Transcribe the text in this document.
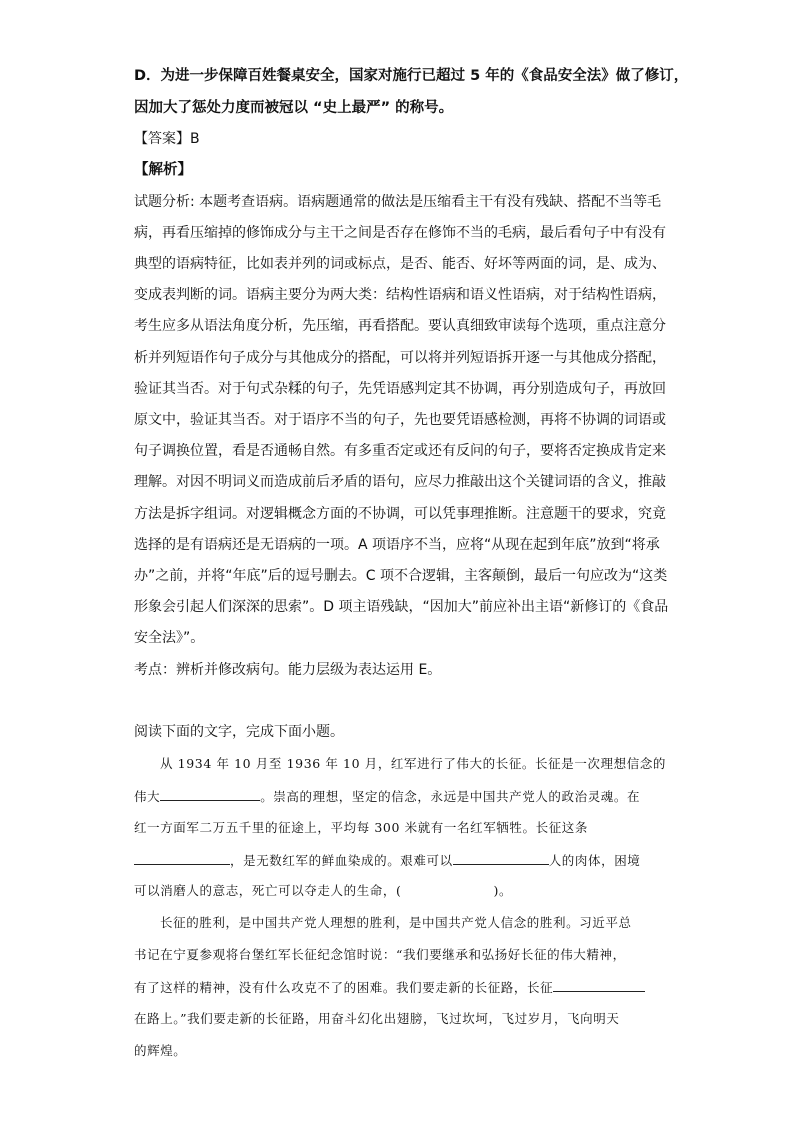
D．为进一步保障百姓餐桌安全，国家对施行已超过 5 年的《食品安全法》做了修订，
因加大了惩处力度而被冠以 “史上最严” 的称号。
【答案】B
【解析】
试题分析: 本题考查语病。语病题通常的做法是压缩看主干有没有残缺、搭配不当等毛
病，再看压缩掉的修饰成分与主干之间是否存在修饰不当的毛病，最后看句子中有没有
典型的语病特征，比如表并列的词或标点，是否、能否、好坏等两面的词，是、成为、
变成表判断的词。语病主要分为两大类：结构性语病和语义性语病，对于结构性语病，
考生应多从语法角度分析，先压缩，再看搭配。要认真细致审读每个选项，重点注意分
析并列短语作句子成分与其他成分的搭配，可以将并列短语拆开逐一与其他成分搭配，
验证其当否。对于句式杂糅的句子，先凭语感判定其不协调，再分别造成句子，再放回
原文中，验证其当否。对于语序不当的句子，先也要凭语感检测，再将不协调的词语或
句子调换位置，看是否通畅自然。有多重否定或还有反问的句子，要将否定换成肯定来
理解。对因不明词义而造成前后矛盾的语句，应尽力推敲出这个关键词语的含义，推敲
方法是拆字组词。对逻辑概念方面的不协调，可以凭事理推断。注意题干的要求，究竟
选择的是有语病还是无语病的一项。A 项语序不当，应将“从现在起到年底”放到“将承
办”之前，并将“年底”后的逗号删去。C 项不合逻辑，主客颠倒，最后一句应改为“这类
形象会引起人们深深的思索”。D 项主语残缺，“因加大”前应补出主语“新修订的《食品
安全法》”。
考点：辨析并修改病句。能力层级为表达运用 E。
阅读下面的文字，完成下面小题。
从 1934 年 10 月至 1936 年 10 月，红军进行了伟大的长征。长征是一次理想信念的
伟大	。崇高的理想，坚定的信念，永远是中国共产党人的政治灵魂。在
红一方面军二万五千里的征途上，平均每 300 米就有一名红军牺牲。长征这条
，是无数红军的鲜血染成的。艰难可以	人的肉体，困境
可以消磨人的意志，死亡可以夺走人的生命，(	)。
长征的胜利，是中国共产党人理想的胜利，是中国共产党人信念的胜利。习近平总
书记在宁夏参观将台堡红军长征纪念馆时说：“我们要继承和弘扬好长征的伟大精神，
有了这样的精神，没有什么攻克不了的困难。我们要走新的长征路，长征
在路上。”我们要走新的长征路，用奋斗幻化出翅膀，飞过坎坷，飞过岁月，飞向明天
的辉煌。
